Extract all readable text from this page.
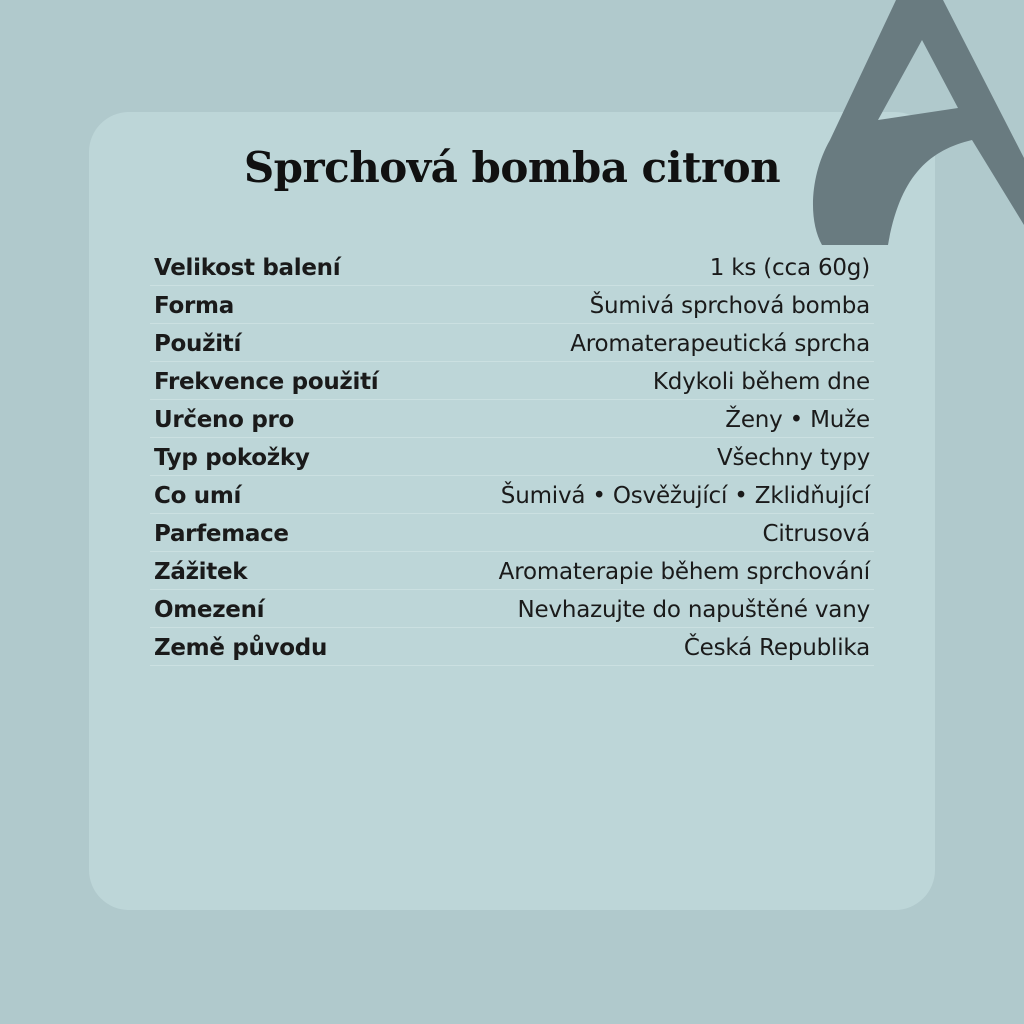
Sprchová bomba citron
Velikost balení	1 ks (cca 60g)
Forma	Šumivá sprchová bomba
Použití	Aromaterapeutická sprcha
Frekvence použití	Kdykoli během dne
Určeno pro	Ženy • Muže
Typ pokožky	Všechny typy
Co umí	Šumivá • Osvěžující • Zklidňující
Parfemace	Citrusová
Zážitek	Aromaterapie během sprchování
Omezení	Nevhazujte do napuštěné vany
Země původu	Česká Republika
